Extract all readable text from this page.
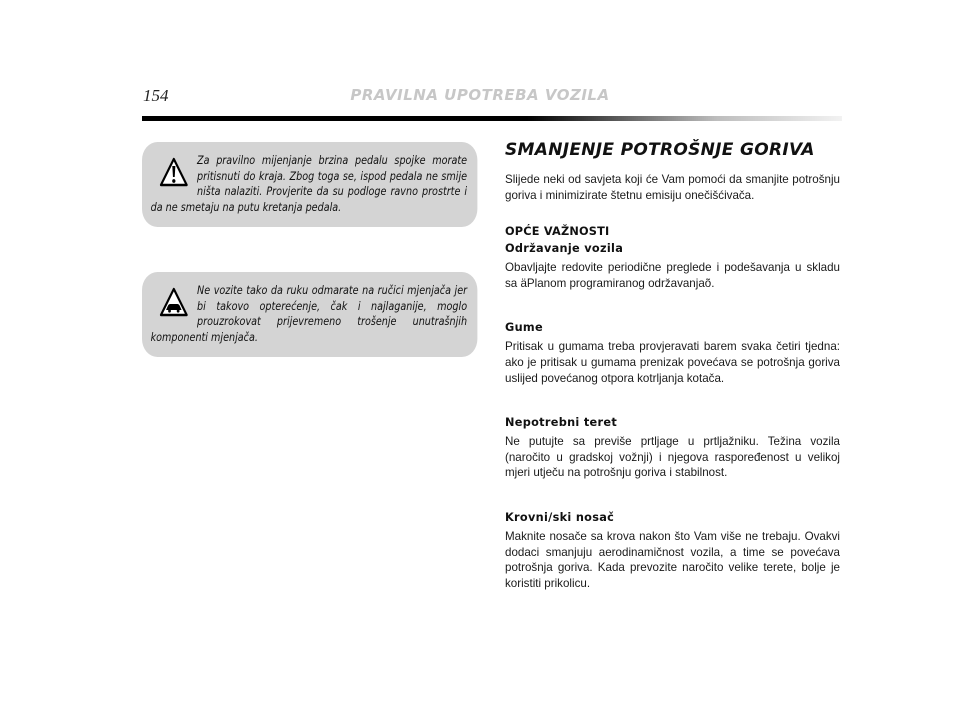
154	PRAVILNA UPOTREBA VOZILA
Za pravilno mijenjanje brzina pedalu spojke morate pritisnuti do kraja. Zbog toga se, ispod pedala ne smije ništa nalaziti. Provjerite da su podloge ravno prostrte i da ne smetaju na putu kretanja pedala.
Ne vozite tako da ruku odmarate na ručici mjenjača jer bi takovo opterećenje, čak i najlaganije, moglo prouzrokovat prijevremeno trošenje unutrašnjih komponenti mjenjača.
SMANJENJE POTROŠNJE GORIVA

Slijede neki od savjeta koji će Vam pomoći da smanjite potrošnju goriva i minimizirate štetnu emisiju onečišćivača.

OPĆE VAŽNOSTI
Održavanje vozila

Obavljajte redovite periodične preglede i podešavanja u skladu sa äPlanom programiranog održavanjaõ.

Gume

Pritisak u gumama treba provjeravati barem svaka četiri tjedna: ako je pritisak u gumama prenizak povećava se potrošnja goriva uslijed povećanog otpora kotrljanja kotača.

Nepotrebni teret

Ne putujte sa previše prtljage u prtljažniku. Težina vozila (naročito u gradskoj vožnji) i njegova raspoređenost u velikoj mjeri utječu na potrošnju goriva i stabilnost.

Krovni/ski nosač

Maknite nosače sa krova nakon što Vam više ne trebaju. Ovakvi dodaci smanjuju aerodinamičnost vozila, a time se povećava potrošnja goriva. Kada prevozite naročito velike terete, bolje je koristiti prikolicu.
